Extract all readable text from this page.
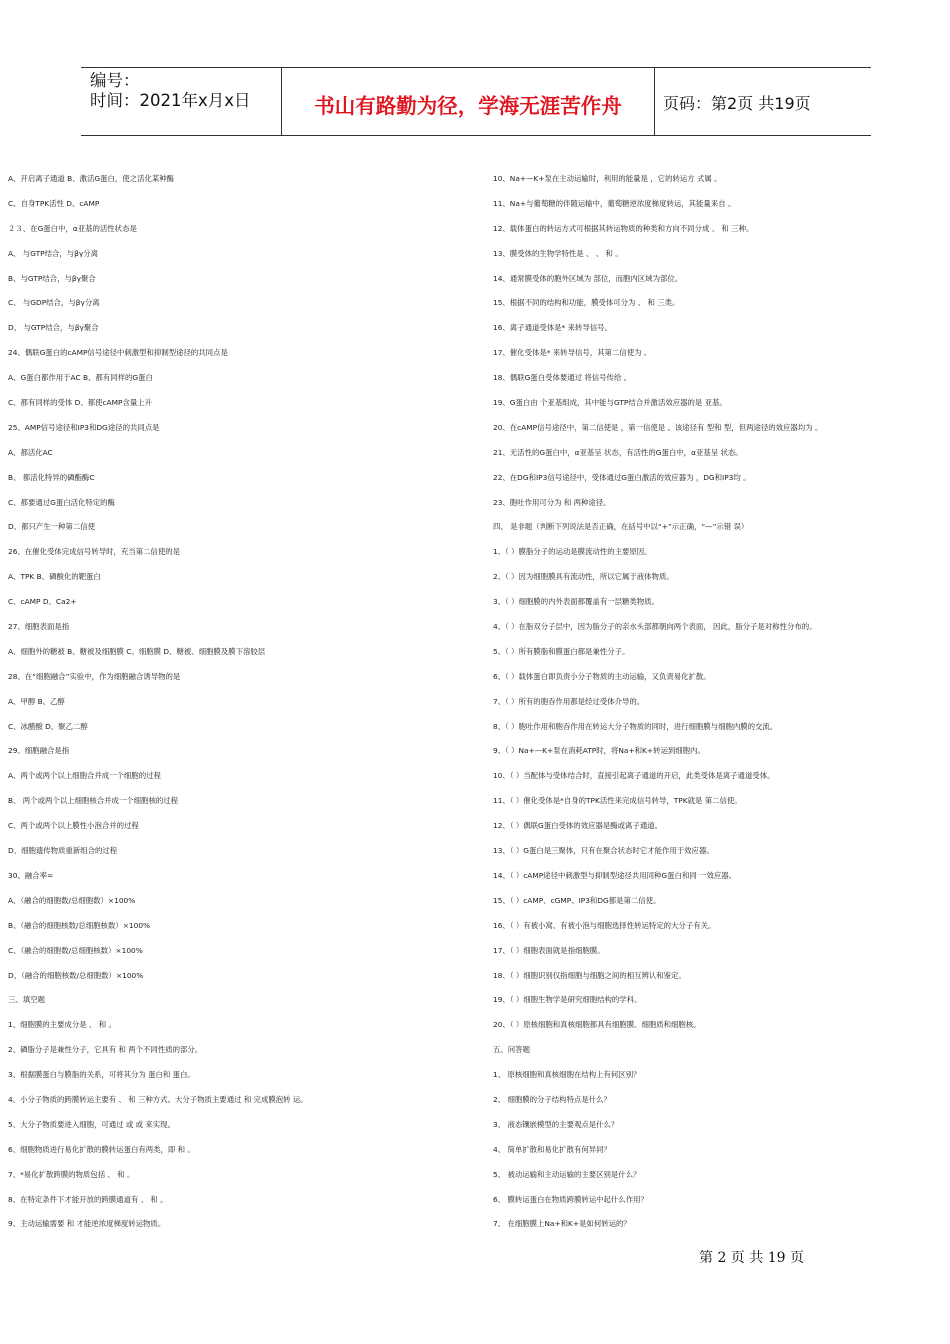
编号：
时间：2021年x月x日	书山有路勤为径，学海无涯苦作舟	页码：第2页 共19页
A、开启离子通道 B、激活G蛋白，使之活化某种酶
C、自身TPK活性 D、cAMP
２３、在G蛋白中，α亚基的活性状态是
A、 与GTP结合，与βγ分离
B、与GTP结合，与βγ聚合
C、 与GDP结合，与βγ分离
D、 与GTP结合，与βγ聚合
24、偶联G蛋白的cAMP信号途径中刺激型和抑制型途径的共同点是
A、G蛋白都作用于AC B、都有同样的G蛋白
C、都有同样的受体 D、都使cAMP含量上升
25、AMP信号途径和IP3和DG途径的共同点是
A、都活化AC
B、 都活化特异的磷酯酶C
C、都要通过G蛋白活化特定的酶
D、都只产生一种第二信使
26、在催化受体完成信号转导时，充当第二信使的是
A、TPK B、磷酸化的靶蛋白
C、cAMP D、Ca2+
27、细胞表面是指
A、细胞外的糖被 B、糖被及细胞膜 C、细胞膜 D、糖被、细胞膜及膜下溶胶层
28、在“细胞融合”实验中，作为细胞融合诱导物的是
A、甲醇 B、乙醇
C、冰醋酸 D、聚乙二醇
29、细胞融合是指
A、两个或两个以上细胞合并成一个细胞的过程
B、 两个或两个以上细胞核合并成一个细胞核的过程
C、两个或两个以上膜性小泡合并的过程
D、细胞遗传物质重新组合的过程
30、融合率=
A、（融合的细胞数/总细胞数）×100%
B、（融合的细胞核数/总细胞核数）×100%
C、（融合的细胞数/总细胞核数）×100%
D、（融合的细胞核数/总细胞数）×100%
三、填空题
1、细胞膜的主要成分是 、 和 。
2、磷脂分子是兼性分子，它具有 和 两个不同性质的部分。
3、根据膜蛋白与膜脂的关系，可将其分为 蛋白和 蛋白。
4、小分子物质的跨膜转运主要有 、 和 三种方式。大分子物质主要通过 和 完成膜泡转 运。
5、大分子物质要进入细胞，可通过 或 或 来实现。
6、细胞物质进行易化扩散的膜转运蛋白有两类，即 和 。
7、*易化扩散跨膜的物质包括 、 和 。
8、在特定条件下才能开放的跨膜通道有 、 和 。
9、主动运输需要 和 才能逆浓度梯度转运物质。
10、Na+—K+泵在主动运输时，利用的能量是 ，它的转运方 式属 。
11、Na+与葡萄糖的伴随运输中，葡萄糖逆浓度梯度转运，其能量来自 。
12、载体蛋白的转运方式可根据其转运物质的种类和方向不同分成 、 和 三种。
13、膜受体的生物学特性是 、 、 和 。
14、通常膜受体的胞外区域为 部位，而胞内区域为部位。
15、根据不同的结构和功能，膜受体可分为 、 和 三类。
16、离子通道受体是* 来转导信号。
17、催化受体是* 来转导信号，其第二信使为 。
18、偶联G蛋白受体要通过 将信号传给 。
19、G蛋白由 个亚基组成，其中能与GTP结合并激活效应器的是 亚基。
20、在cAMP信号途径中，第二信使是 ，第一信使是 。该途径有 型和 型，但两途径的效应器均为 。
21、无活性的G蛋白中，α亚基呈 状态，有活性的G蛋白中，α亚基呈 状态。
22、在DG和IP3信号途径中，受体通过G蛋白激活的效应器为 ，DG和IP3均 。
23、胞吐作用可分为 和 两种途径。
四、 是非题（判断下列说法是否正确，在括号中以“+”示正确，“—”示错 误）
1、（ ）膜脂分子的运动是膜流动性的主要原因。
2、（ ）因为细胞膜具有流动性，所以它属于液体物质。
3、（ ）细胞膜的内外表面都覆盖有一层糖类物质。
4、（ ）在脂双分子层中，因为脂分子的亲水头部都朝向两个表面， 因此，脂分子是对称性分布的。
5、（ ）所有膜脂和膜蛋白都是兼性分子。
6、（ ）载体蛋白即负责小分子物质的主动运输，又负责易化扩散。
7、（ ）所有的胞吞作用都是经过受体介导的。
8、（ ）胞吐作用和胞吞作用在转运大分子物质的同时，进行细胞膜与细胞内膜的交流。
9、（ ）Na+—K+泵在消耗ATP时，将Na+和K+转运到细胞内。
10、（ ）当配体与受体结合时，直接引起离子通道的开启，此类受体是离子通道受体。
11、（ ）催化受体是*自身的TPK活性来完成信号转导，TPK就是 第二信使。
12、（ ）偶联G蛋白受体的效应器是酶或离子通道。
13、（ ）G蛋白是三聚体，只有在聚合状态时它才能作用于效应器。
14、（ ）cAMP途径中刺激型与抑制型途径共用同种G蛋白和同 一效应器。
15、（ ）cAMP、cGMP、IP3和DG都是第二信使。
16、（ ）有被小窝、有被小泡与细胞选择性转运特定的大分子有关。
17、（ ）细胞表面就是指细胞膜。
18、（ ）细胞识别仅指细胞与细胞之间的相互辨认和鉴定。
19、（ ）细胞生物学是研究细胞结构的学科。
20、（ ）原核细胞和真核细胞都具有细胞膜、细胞质和细胞核。
五、问答题
1、 原核细胞和真核细胞在结构上有何区别？
2、 细胞膜的分子结构特点是什么？
3、 液态镶嵌模型的主要观点是什么？
4、 简单扩散和易化扩散有何异同？
5、 被动运输和主动运输的主要区别是什么？
6、 膜转运蛋白在物质跨膜转运中起什么作用？
7、 在细胞膜上Na+和K+是如何转运的？
第 2 页 共 19 页
